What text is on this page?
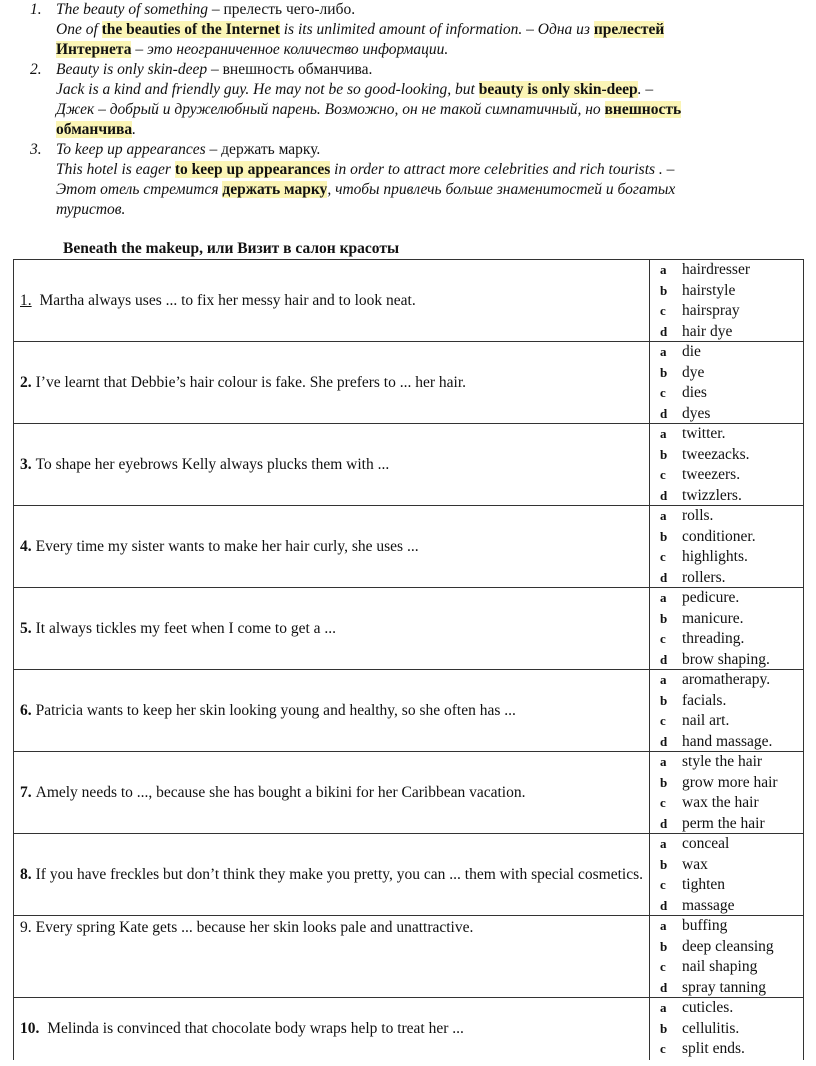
1. The beauty of something – прелесть чего-либо.
One of the beauties of the Internet is its unlimited amount of information. – Одна из прелестей
Интернета – это неограниченное количество информации.
2. Beauty is only skin-deep – внешность обманчива.
Jack is a kind and friendly guy. He may not be so good-looking, but beauty is only skin-deep. –
Джек – добрый и дружелюбный парень. Возможно, он не такой симпатичный, но внешность
обманчива.
3. To keep up appearances – держать марку.
This hotel is eager to keep up appearances in order to attract more celebrities and rich tourists . –
Этот отель стремится держать марку, чтобы привлечь больше знаменитостей и богатых
туристов.
Beneath the makeup, или Визит в салон красоты
1. Martha always uses ... to fix her messy hair and to look neat.
a	hairdresser
b hairstyle
c	hairspray
d hair dye
2. I’ve learnt that Debbie’s hair colour is fake. She prefers to ... her hair.
a	die
b dye
c	dies
d dyes
3. To shape her eyebrows Kelly always plucks them with ...
a	twitter.
b tweezacks.
c	tweezers.
d twizzlers.
4. Every time my sister wants to make her hair curly, she uses ...
a	rolls.
b conditioner.
c	highlights.
d rollers.
5. It always tickles my feet when I come to get a ...
a	pedicure.
b manicure.
c	threading.
d brow shaping.
6. Patricia wants to keep her skin looking young and healthy, so she often has ...
a	aromatherapy.
b facials.
c	nail art.
d hand massage.
7. Amely needs to ..., because she has bought a bikini for her Caribbean vacation.
a	style the hair
b grow more hair
c	wax the hair
d perm the hair
8. If you have freckles but don’t think they make you pretty, you can ... them with special cosmetics.
a	conceal
b wax
c	tighten
d massage
9. Every spring Kate gets ... because her skin looks pale and unattractive.	a	buffing
b deep cleansing
c	nail shaping
d spray tanning
10. Melinda is convinced that chocolate body wraps help to treat her ...
a	cuticles.
b cellulitis.
c	split ends.
